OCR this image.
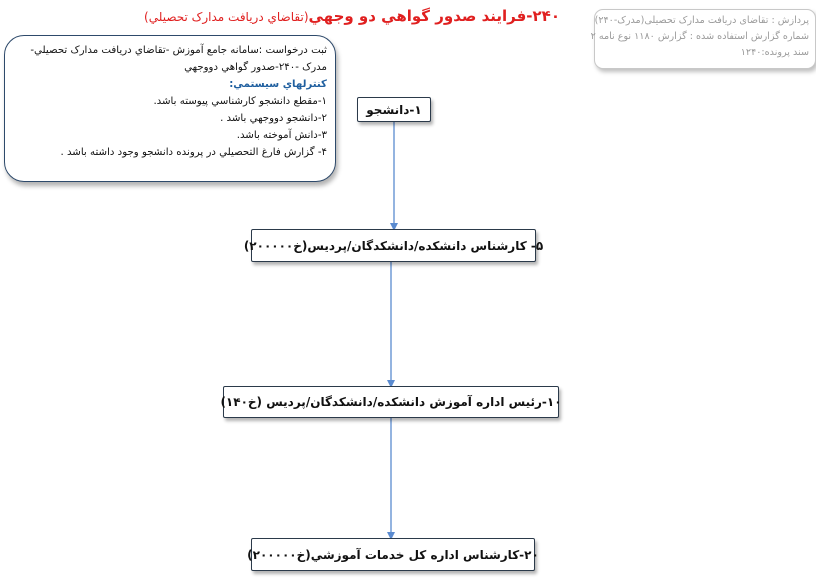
۲۴۰-فرایند صدور گواهي دو وجهي(تقاضاي دريافت مدارک تحصيلي)	پردازش : تقاضای دریافت مدارک تحصیلی(مدرک-۲۴۰)
شماره گزارش استفاده شده : گزارش ۱۱۸۰ نوع نامه ۲
سند پرونده:۱۲۴۰
ثبت درخواست :سامانه جامع آموزش -تقاضاي دريافت مدارک تحصيلي-
مدرک -۲۴۰-صدور گواهي دووجهي
کنترلهاي سيستمي:
۱-مقطع دانشجو کارشناسي پيوسته باشد.
۲-دانشجو دووجهي باشد .
۳-دانش آموخته باشد.
۴- گزارش فارغ التحصيلي در پرونده دانشجو وجود داشته باشد .
۱-دانشجو
۵- کارشناس دانشکده/دانشکدگان/پرديس(خ۲۰۰۰۰۰)
۱۰-رئيس اداره آموزش دانشکده/دانشکدگان/پرديس (خ۱۴۰)
۲۰-کارشناس اداره کل خدمات آموزشي(خ۲۰۰۰۰۰)
